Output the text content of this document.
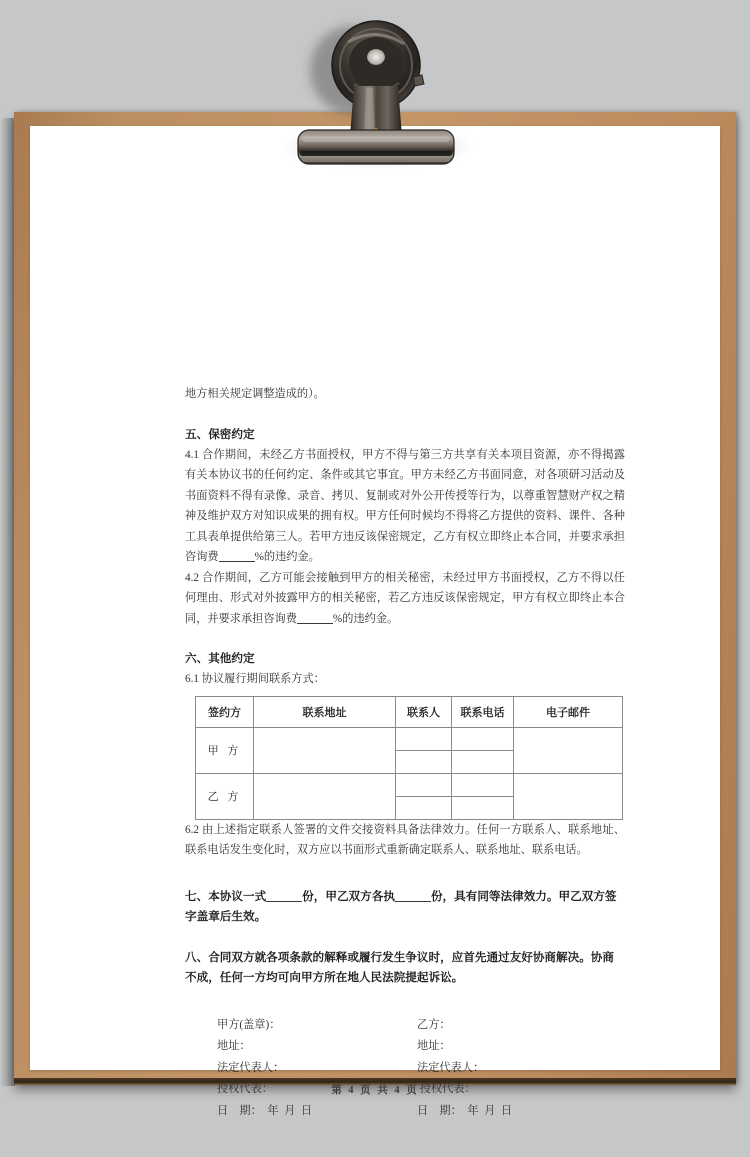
地方相关规定调整造成的）。

五、保密约定

4.1 合作期间，未经乙方书面授权，甲方不得与第三方共享有关本项目资源，亦不得揭露有关本协议书的任何约定、条件或其它事宜。甲方未经乙方书面同意，对各项研习活动及书面资料不得有录像、录音、拷贝、复制或对外公开传授等行为，以尊重智慧财产权之精神及维护双方对知识成果的拥有权。甲方任何时候均不得将乙方提供的资料、课件、各种工具表单提供给第三人。若甲方违反该保密规定，乙方有权立即终止本合同，并要求承担咨询费	%的违约金。

4.2 合作期间，乙方可能会接触到甲方的相关秘密，未经过甲方书面授权，乙方不得以任何理由、形式对外披露甲方的相关秘密，若乙方违反该保密规定，甲方有权立即终止本合同，并要求承担咨询费	%的违约金。

六、其他约定

6.1 协议履行期间联系方式：

签约方	联系地址	联系人	联系电话	电子邮件
甲 方				

乙 方				

6.2 由上述指定联系人签署的文件交接资料具备法律效力。任何一方联系人、联系地址、联系电话发生变化时，双方应以书面形式重新确定联系人、联系地址、联系电话。

七、本协议一式	份，甲乙双方各执	份，具有同等法律效力。甲乙双方签字盖章后生效。
八、合同双方就各项条款的解释或履行发生争议时，应首先通过友好协商解决。协商不成，任何一方均可向甲方所在地人民法院提起诉讼。
甲方(盖章)：
地址：
法定代表人：
授权代表：
日    期：  年  月  日
乙方：
地址：
法定代表人：
授权代表：
日    期：  年  月  日
第 4 页 共 4 页
